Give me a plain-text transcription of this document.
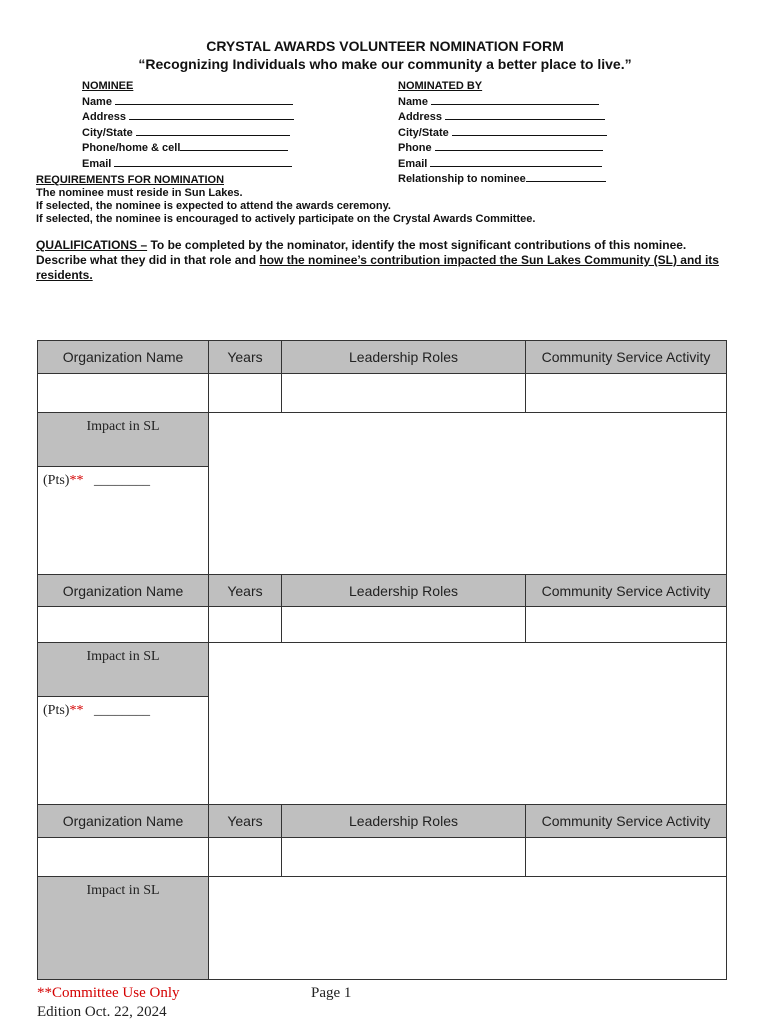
CRYSTAL AWARDS VOLUNTEER NOMINATION FORM
“Recognizing Individuals who make our community a better place to live.”
NOMINEE
Name
Address
City/State
Phone/home & cell
Email
NOMINATED BY
Name
Address
City/State
Phone
Email
Relationship to nominee
REQUIREMENTS FOR NOMINATION
The nominee must reside in Sun Lakes.
If selected, the nominee is expected to attend the awards ceremony.
If selected, the nominee is encouraged to actively participate on the Crystal Awards Committee.
QUALIFICATIONS – To be completed by the nominator, identify the most significant contributions of this nominee. Describe what they did in that role and how the nominee’s contribution impacted the Sun Lakes Community (SL) and its residents.
Organization Name	Years	Leadership Roles	Community Service Activity
Impact in SL
(Pts)** ________
Organization Name	Years	Leadership Roles	Community Service Activity
Impact in SL
(Pts)** ________
Organization Name	Years	Leadership Roles	Community Service Activity
Impact in SL
**Committee Use Only	Page 1
Edition Oct. 22, 2024
